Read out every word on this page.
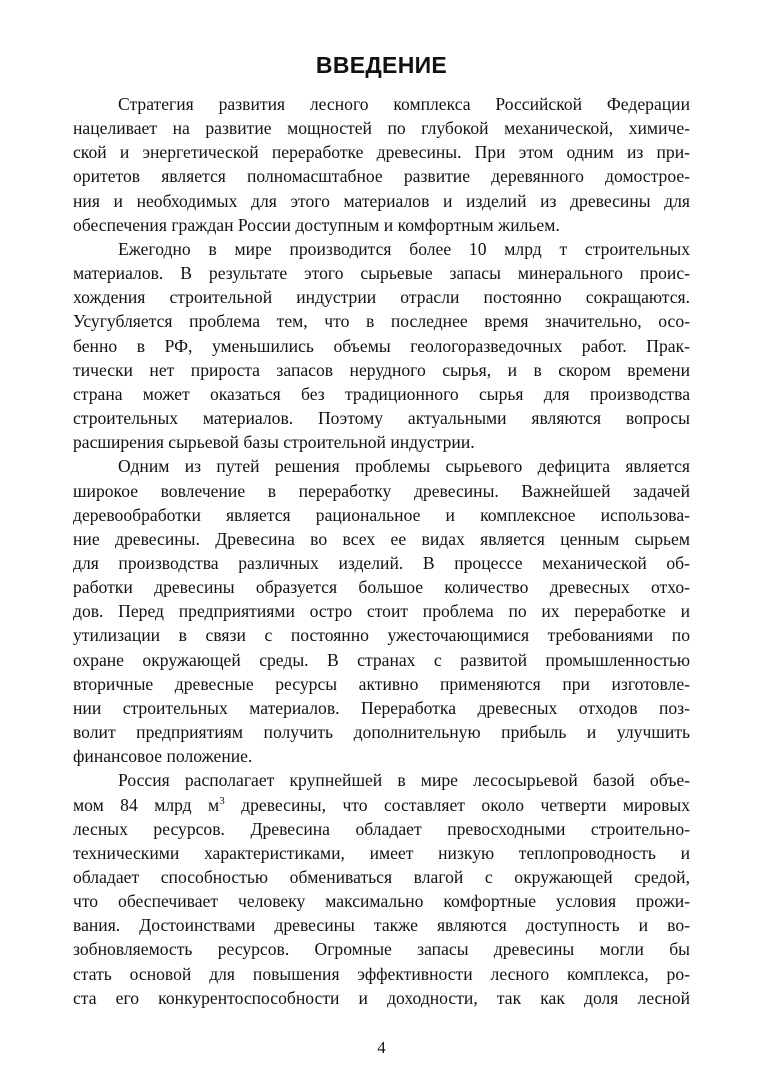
ВВЕДЕНИЕ

Стратегия развития лесного комплекса Российской Федерации
нацеливает на развитие мощностей по глубокой механической, химиче-
ской и энергетической переработке древесины. При этом одним из при-
оритетов является полномасштабное развитие деревянного домострое-
ния и необходимых для этого материалов и изделий из древесины для
обеспечения граждан России доступным и комфортным жильем.

Ежегодно в мире производится более 10 млрд т строительных
материалов. В результате этого сырьевые запасы минерального проис-
хождения строительной индустрии отрасли постоянно сокращаются.
Усугубляется проблема тем, что в последнее время значительно, осо-
бенно в РФ, уменьшились объемы геологоразведочных работ. Прак-
тически нет прироста запасов нерудного сырья, и в скором времени
страна может оказаться без традиционного сырья для производства
строительных материалов. Поэтому актуальными являются вопросы
расширения сырьевой базы строительной индустрии.

Одним из путей решения проблемы сырьевого дефицита является
широкое вовлечение в переработку древесины. Важнейшей задачей
деревообработки является рациональное и комплексное использова-
ние древесины. Древесина во всех ее видах является ценным сырьем
для производства различных изделий. В процессе механической об-
работки древесины образуется большое количество древесных отхо-
дов. Перед предприятиями остро стоит проблема по их переработке и
утилизации в связи с постоянно ужесточающимися требованиями по
охране окружающей среды. В странах с развитой промышленностью
вторичные древесные ресурсы активно применяются при изготовле-
нии строительных материалов. Переработка древесных отходов поз-
волит предприятиям получить дополнительную прибыль и улучшить
финансовое положение.

Россия располагает крупнейшей в мире лесосырьевой базой объе-
мом 84 млрд $м^3$ древесины, что составляет около четверти мировых
лесных ресурсов. Древесина обладает превосходными строительно-
техническими характеристиками, имеет низкую теплопроводность и
обладает способностью обмениваться влагой с окружающей средой,
что обеспечивает человеку максимально комфортные условия прожи-
вания. Достоинствами древесины также являются доступность и во-
зобновляемость ресурсов. Огромные запасы древесины могли бы
стать основой для повышения эффективности лесного комплекса, ро-
ста его конкурентоспособности и доходности, так как доля лесной

4
